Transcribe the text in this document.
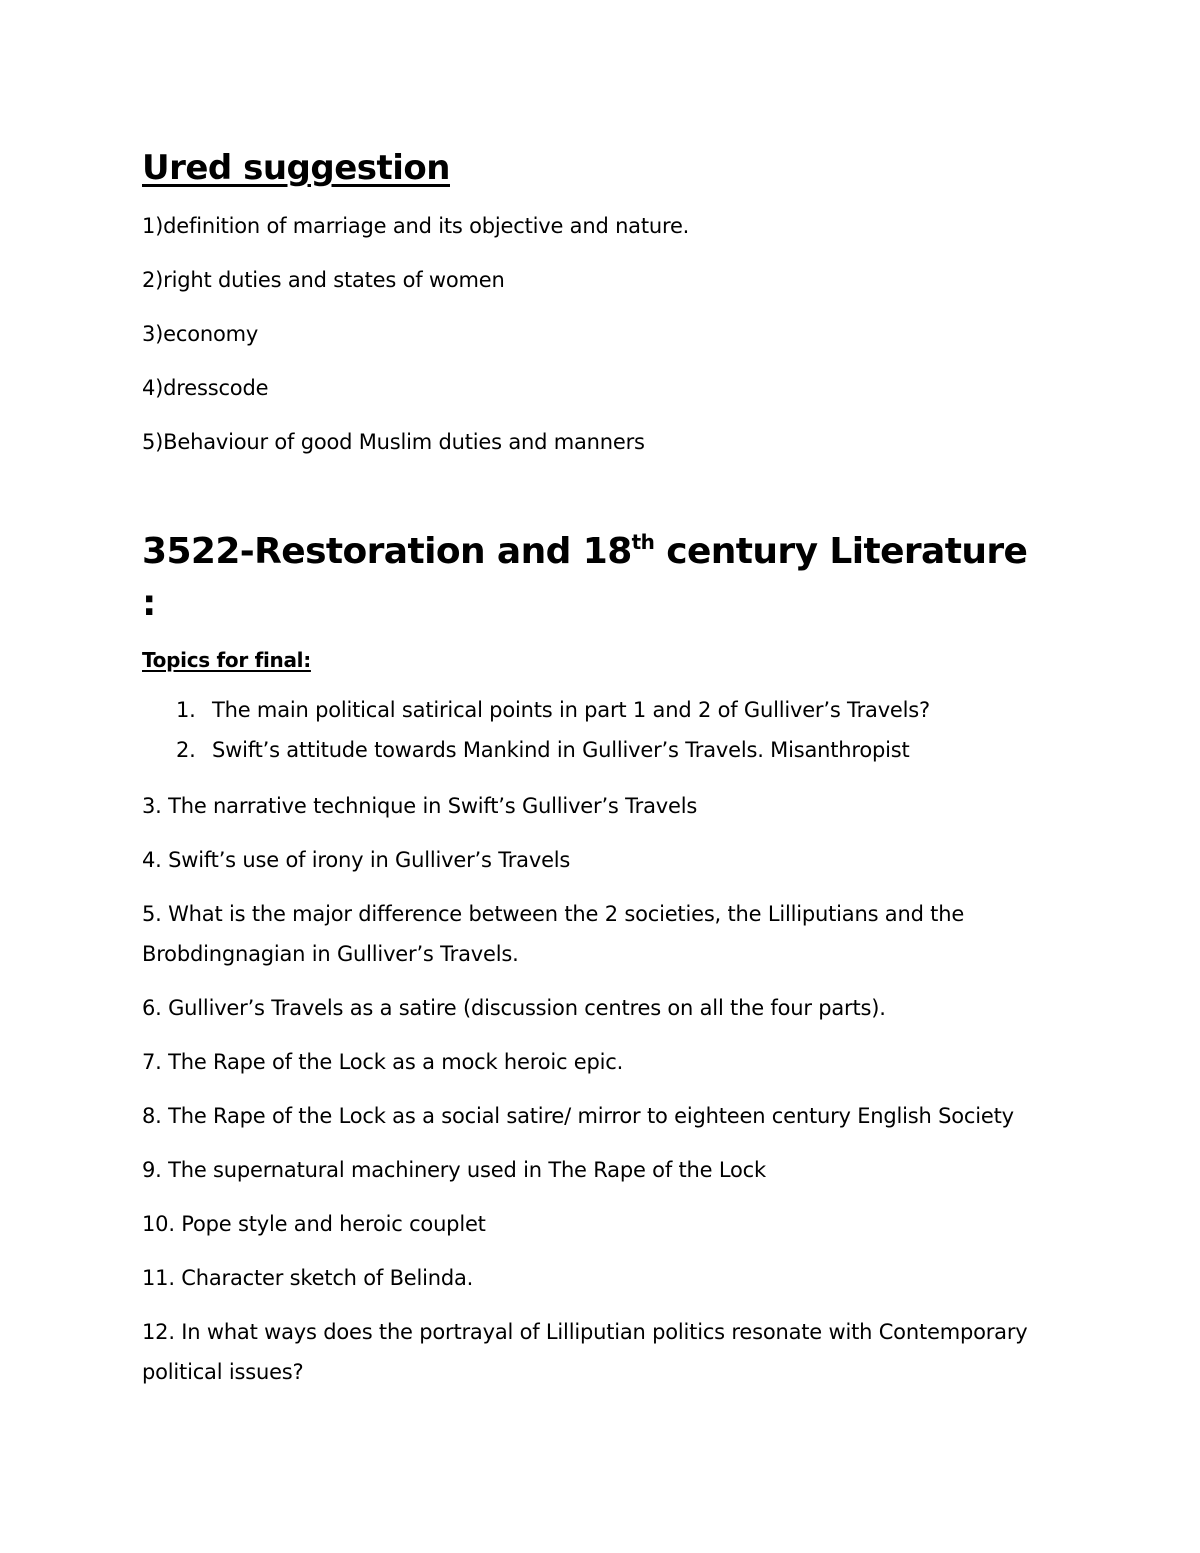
Ured suggestion

1)definition of marriage and its objective and nature.

2)right duties and states of women

3)economy

4)dresscode

5)Behaviour of good Muslim duties and manners

3522-Restoration and 18th century Literature :
Topics for final:
1. The main political satirical points in part 1 and 2 of Gulliver’s Travels?
2. Swift’s attitude towards Mankind in Gulliver’s Travels. Misanthropist

3. The narrative technique in Swift’s Gulliver’s Travels

4. Swift’s use of irony in Gulliver’s Travels

5. What is the major difference between the 2 societies, the Lilliputians and the Brobdingnagian in Gulliver’s Travels.

6. Gulliver’s Travels as a satire (discussion centres on all the four parts).

7. The Rape of the Lock as a mock heroic epic.

8. The Rape of the Lock as a social satire/ mirror to eighteen century English Society

9. The supernatural machinery used in The Rape of the Lock

10. Pope style and heroic couplet

11. Character sketch of Belinda.

12. In what ways does the portrayal of Lilliputian politics resonate with Contemporary political issues?
